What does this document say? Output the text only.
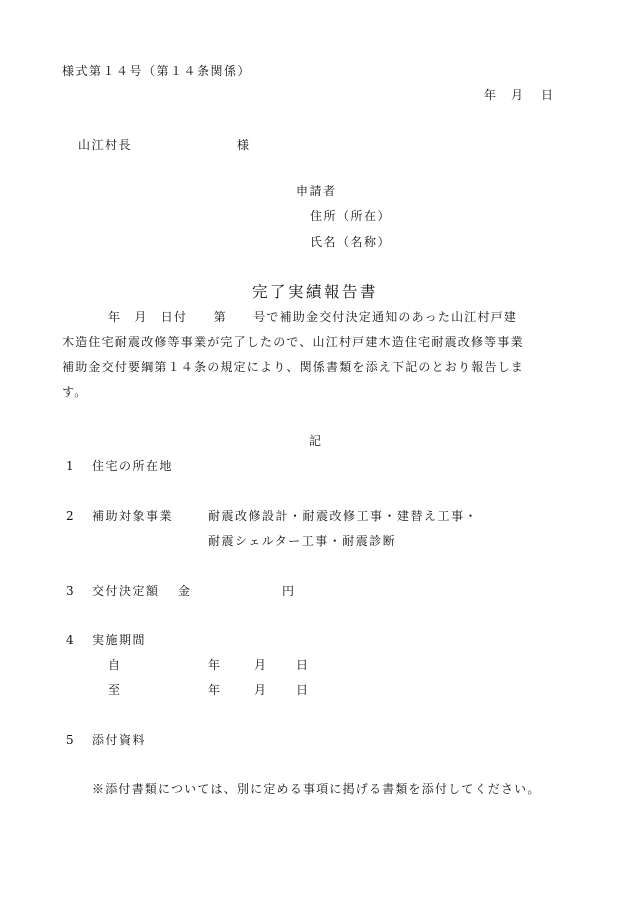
様式第１４号（第１４条関係）
年 月 日
山江村長	様
申請者
住所（所在）
氏名（名称）
完了実績報告書
年　月　日付　　第　　号で補助金交付決定通知のあった山江村戸建
木造住宅耐震改修等事業が完了したので、山江村戸建木造住宅耐震改修等事業
補助金交付要綱第１４条の規定により、関係書類を添え下記のとおり報告しま
す。
記
1 住宅の所在地
2 補助対象事業	耐震改修設計・耐震改修工事・建替え工事・
耐震シェルター工事・耐震診断
3 交付決定額 金	円
4 実施期間
自	年	月 日
至	年	月 日
5 添付資料
※添付書類については、別に定める事項に掲げる書類を添付してください。
